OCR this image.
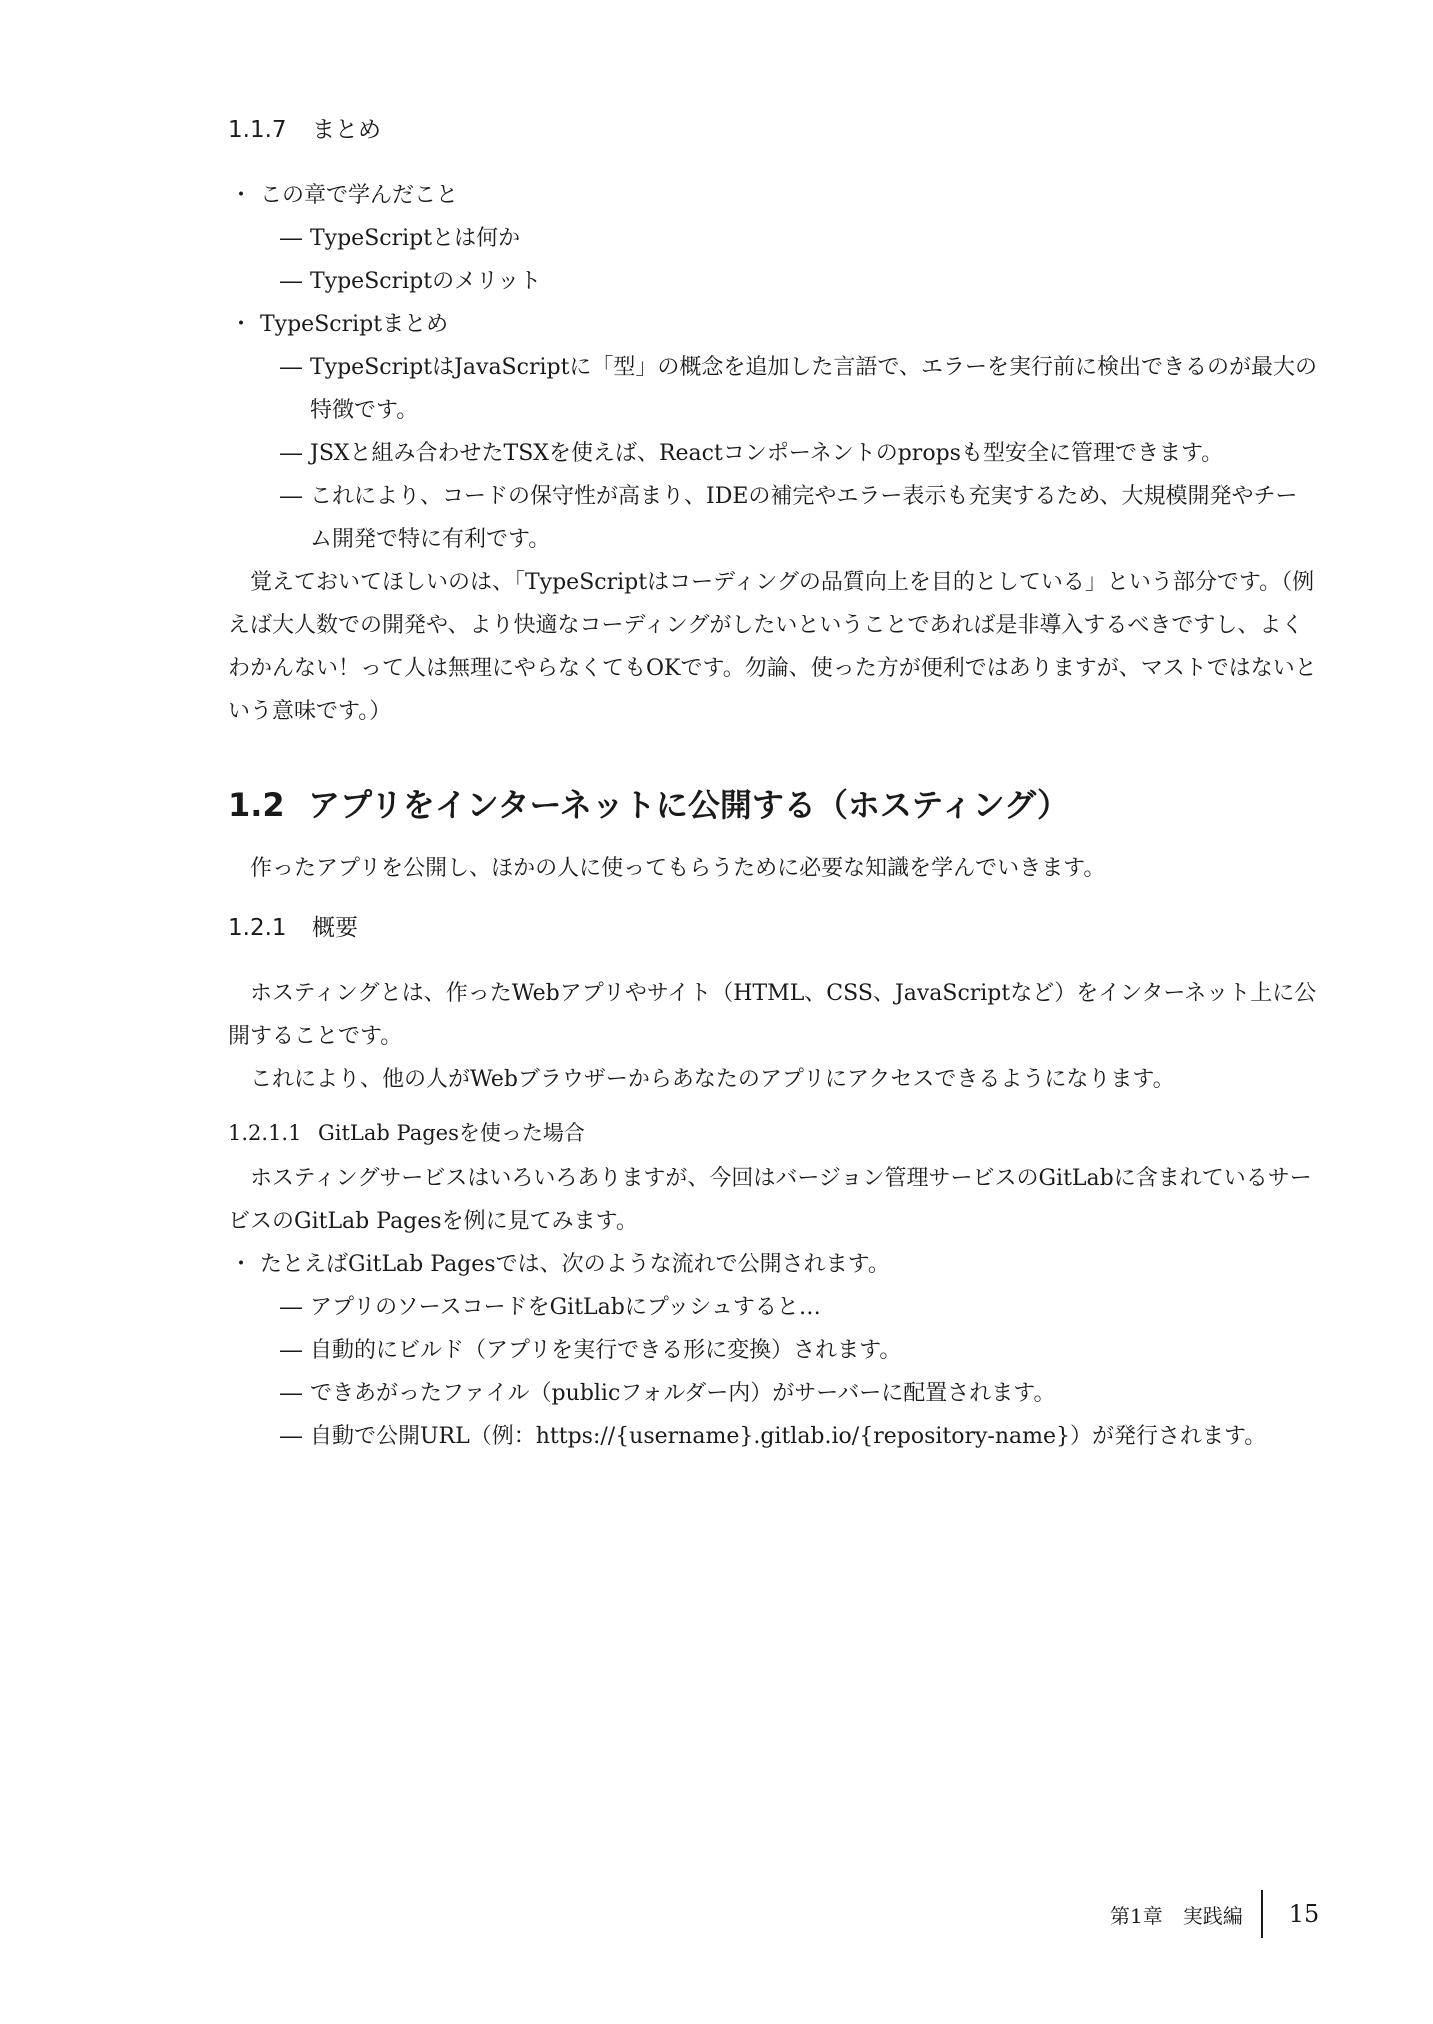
1.1.7 まとめ
・ この章で学んだこと
― TypeScriptとは何か
― TypeScriptのメリット
・ TypeScriptまとめ
― TypeScriptはJavaScriptに「型」の概念を追加した言語で、エラーを実行前に検出できるのが最大の特徴です。
― JSXと組み合わせたTSXを使えば、Reactコンポーネントのpropsも型安全に管理できます。
― これにより、コードの保守性が高まり、IDEの補完やエラー表示も充実するため、大規模開発やチーム開発で特に有利です。

覚えておいてほしいのは、「TypeScriptはコーディングの品質向上を目的としている」という部分です。（例えば大人数での開発や、より快適なコーディングがしたいということであれば是非導入するべきですし、よくわかんない！って人は無理にやらなくてもOKです。勿論、使った方が便利ではありますが、マストではないという意味です。）

1.2 アプリをインターネットに公開する（ホスティング）

作ったアプリを公開し、ほかの人に使ってもらうために必要な知識を学んでいきます。

1.2.1 概要

ホスティングとは、作ったWebアプリやサイト（HTML、CSS、JavaScriptなど）をインターネット上に公開することです。

これにより、他の人がWebブラウザーからあなたのアプリにアクセスできるようになります。

1.2.1.1 GitLab Pagesを使った場合

ホスティングサービスはいろいろありますが、今回はバージョン管理サービスのGitLabに含まれているサービスのGitLab Pagesを例に見てみます。

・ たとえばGitLab Pagesでは、次のような流れで公開されます。
― アプリのソースコードをGitLabにプッシュすると…
― 自動的にビルド（アプリを実行できる形に変換）されます。
― できあがったファイル（publicフォルダー内）がサーバーに配置されます。
― 自動で公開URL（例：https://{username}.gitlab.io/{repository-name}）が発行されます。
第1章　実践編 15
